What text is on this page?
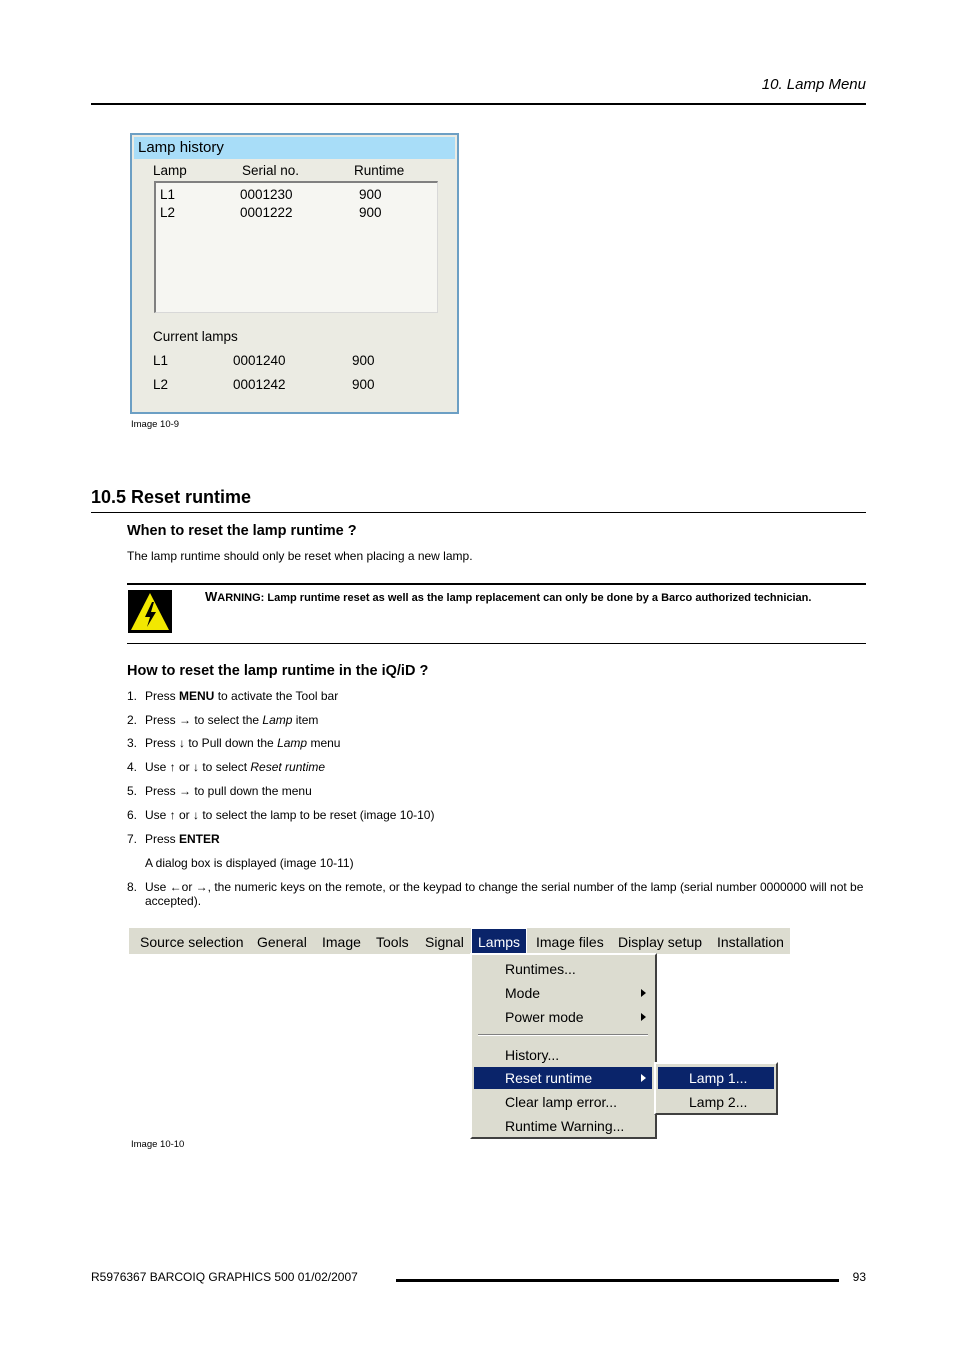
10. Lamp Menu
Lamp history
Lamp	Serial no.	Runtime
L1	0001230	900
L2	0001222	900
Current lamps
L1	0001240	900
L2	0001242	900
Image 10-9
10.5 Reset runtime
When to reset the lamp runtime ?
The lamp runtime should only be reset when placing a new lamp.
WARNING: Lamp runtime reset as well as the lamp replacement can only be done by a Barco authorized technician.
How to reset the lamp runtime in the iQ/iD ?
1. Press MENU to activate the Tool bar
2. Press → to select the Lamp item
3. Press ↓ to Pull down the Lamp menu
4. Use ↑ or ↓ to select Reset runtime
5. Press → to pull down the menu
6. Use ↑ or ↓ to select the lamp to be reset (image 10-10)
7. Press ENTER
A dialog box is displayed (image 10-11)
8. Use ←or →, the numeric keys on the remote, or the keypad to change the serial number of the lamp (serial number 0000000 will not be accepted).
Source selection General Image Tools Signal	Lamps	Image files Display setup Installation
Runtimes...
Mode
Power mode
History...
Reset runtime
Clear lamp error...
Runtime Warning...
Lamp 1...
Lamp 2...
Image 10-10
R5976367 BARCOIQ GRAPHICS 500 01/02/2007	93
